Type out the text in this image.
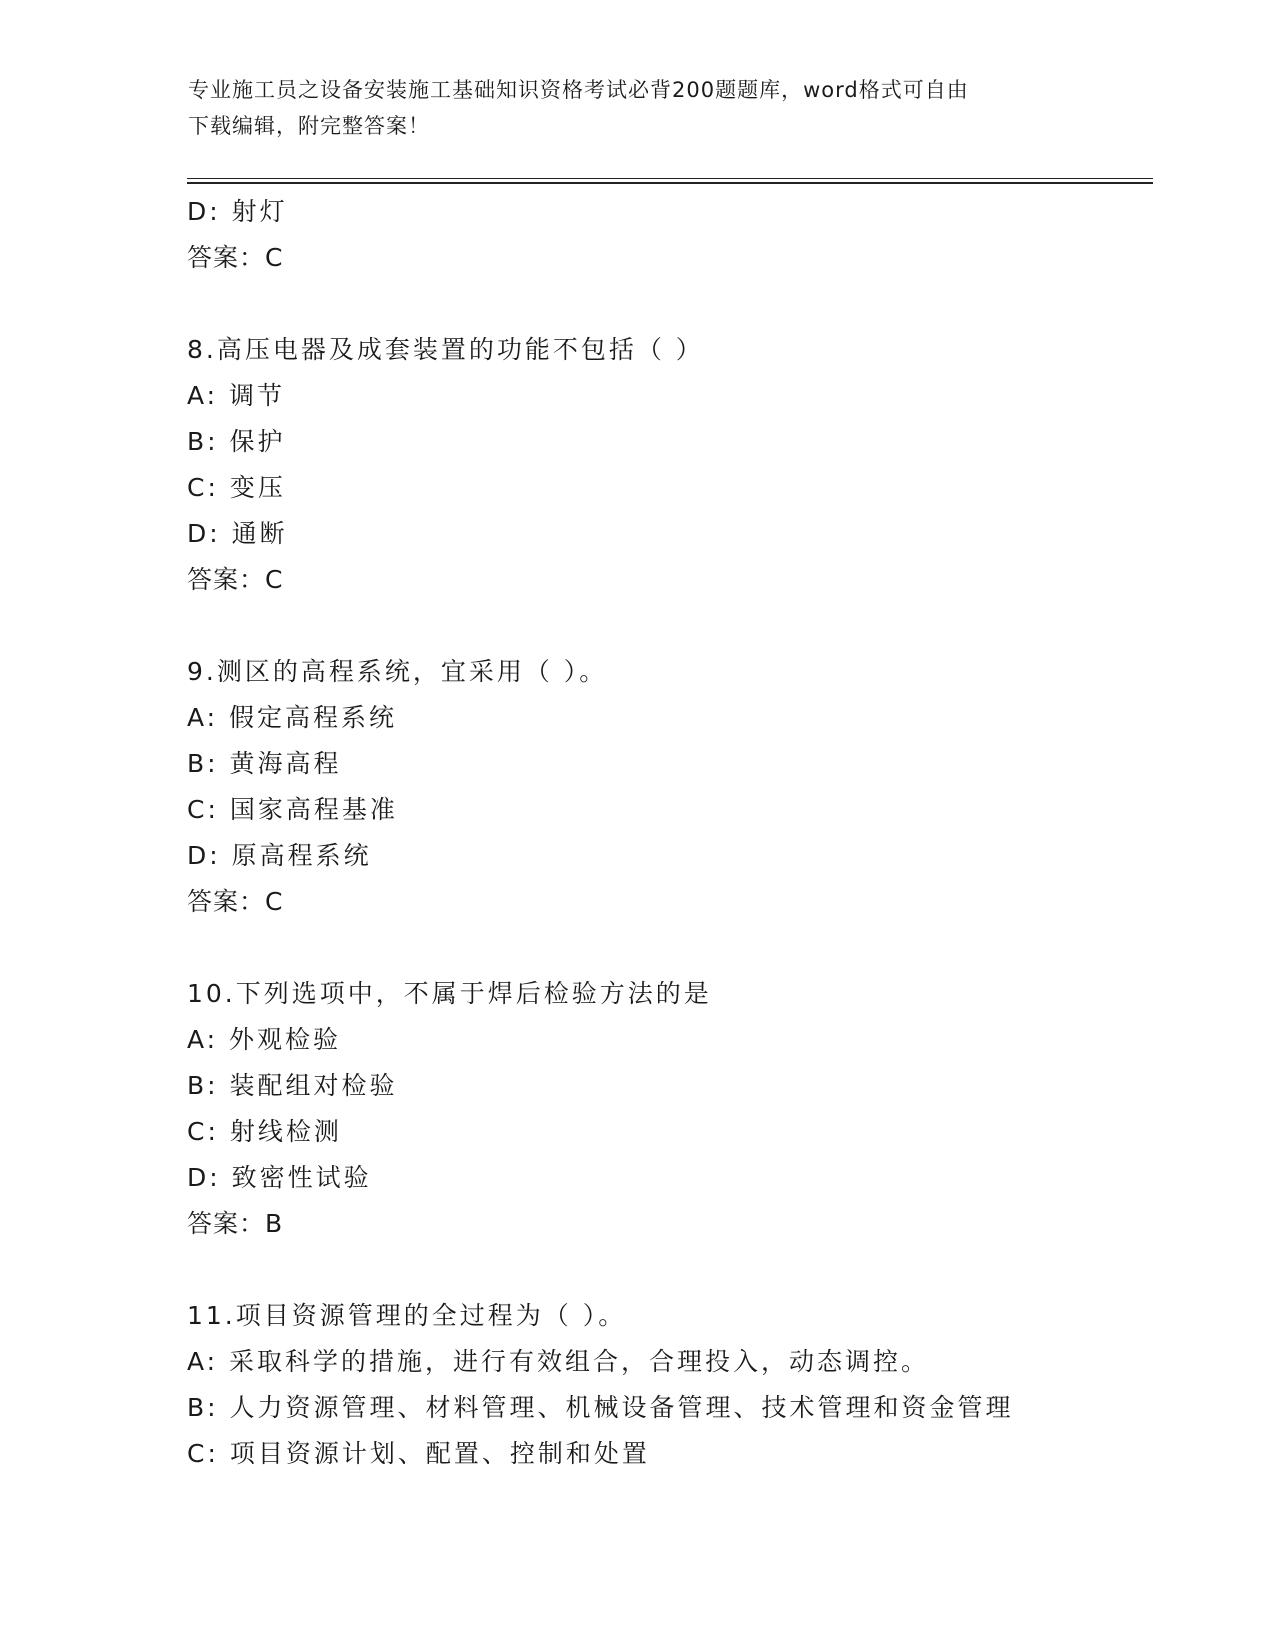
专业施工员之设备安装施工基础知识资格考试必背200题题库，word格式可自由
下载编辑，附完整答案！
D: 射灯
答案：C
8.高压电器及成套装置的功能不包括（ ）
A: 调节
B: 保护
C: 变压
D: 通断
答案：C
9.测区的高程系统，宜采用（ ）。
A: 假定高程系统
B: 黄海高程
C: 国家高程基准
D: 原高程系统
答案：C
10.下列选项中，不属于焊后检验方法的是
A: 外观检验
B: 装配组对检验
C: 射线检测
D: 致密性试验
答案：B
11.项目资源管理的全过程为（ ）。
A: 采取科学的措施，进行有效组合，合理投入，动态调控。
B: 人力资源管理、材料管理、机械设备管理、技术管理和资金管理
C: 项目资源计划、配置、控制和处置
